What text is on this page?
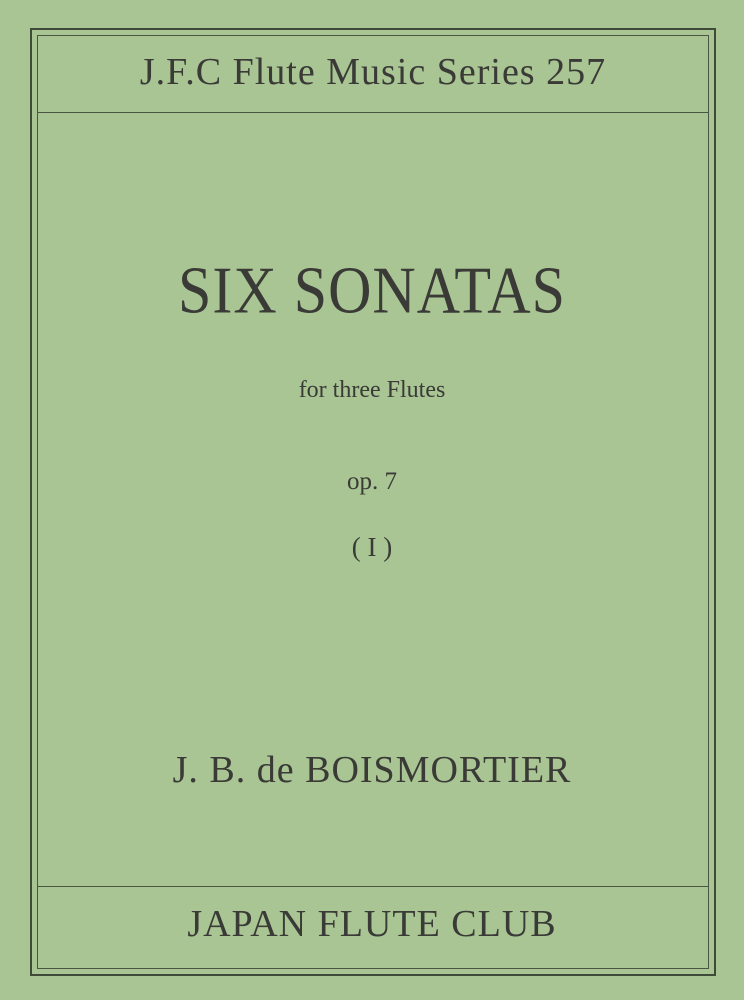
J.F.C Flute Music Series 257
SIX SONATAS
for three Flutes
op. 7
( I )
J. B. de BOISMORTIER
JAPAN FLUTE CLUB
